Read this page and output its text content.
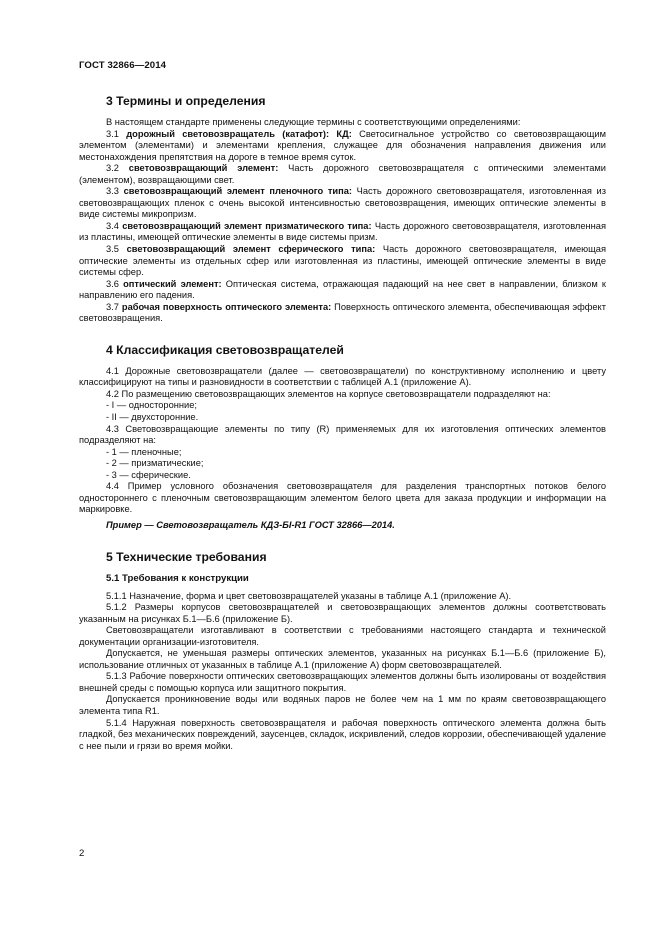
ГОСТ 32866—2014
3 Термины и определения

В настоящем стандарте применены следующие термины с соответствующими определениями:

3.1 дорожный световозвращатель (катафот): КД: Светосигнальное устройство со световозвращающим элементом (элементами) и элементами крепления, служащее для обозначения направления движения или местонахождения препятствия на дороге в темное время суток.

3.2 световозвращающий элемент: Часть дорожного световозвращателя с оптическими элементами (элементом), возвращающими свет.

3.3 световозвращающий элемент пленочного типа: Часть дорожного световозвращателя, изготовленная из световозвращающих пленок с очень высокой интенсивностью световозвращения, имеющих оптические элементы в виде системы микропризм.

3.4 световозвращающий элемент призматического типа: Часть дорожного световозвращателя, изготовленная из пластины, имеющей оптические элементы в виде системы призм.

3.5 световозвращающий элемент сферического типа: Часть дорожного световозвращателя, имеющая оптические элементы из отдельных сфер или изготовленная из пластины, имеющей оптические элементы в виде системы сфер.

3.6 оптический элемент: Оптическая система, отражающая падающий на нее свет в направлении, близком к направлению его падения.

3.7 рабочая поверхность оптического элемента: Поверхность оптического элемента, обеспечивающая эффект световозвращения.

4 Классификация световозвращателей

4.1 Дорожные световозвращатели (далее — световозвращатели) по конструктивному исполнению и цвету классифицируют на типы и разновидности в соответствии с таблицей А.1 (приложение А).

4.2 По размещению световозвращающих элементов на корпусе световозвращатели подразделяют на:

- I — односторонние;

- II — двухсторонние.

4.3 Световозвращающие элементы по типу (R) применяемых для их изготовления оптических элементов подразделяют на:

- 1 — пленочные;

- 2 — призматические;

- 3 — сферические.

4.4 Пример условного обозначения световозвращателя для разделения транспортных потоков белого одностороннего с пленочным световозвращающим элементом белого цвета для заказа продукции и информации на маркировке.

Пример — Световозвращатель КДЗ-БI-R1 ГОСТ 32866—2014.

5 Технические требования
5.1 Требования к конструкции

5.1.1 Назначение, форма и цвет световозвращателей указаны в таблице А.1 (приложение А).

5.1.2 Размеры корпусов световозвращателей и световозвращающих элементов должны соответствовать указанным на рисунках Б.1—Б.6 (приложение Б).

Световозвращатели изготавливают в соответствии с требованиями настоящего стандарта и технической документации организации-изготовителя.

Допускается, не уменьшая размеры оптических элементов, указанных на рисунках Б.1—Б.6 (приложение Б), использование отличных от указанных в таблице А.1 (приложение А) форм световозвращателей.

5.1.3 Рабочие поверхности оптических световозвращающих элементов должны быть изолированы от воздействия внешней среды с помощью корпуса или защитного покрытия.

Допускается проникновение воды или водяных паров не более чем на 1 мм по краям световозвращающего элемента типа R1.

5.1.4 Наружная поверхность световозвращателя и рабочая поверхность оптического элемента должна быть гладкой, без механических повреждений, заусенцев, складок, искривлений, следов коррозии, обеспечивающей удаление с нее пыли и грязи во время мойки.

2
